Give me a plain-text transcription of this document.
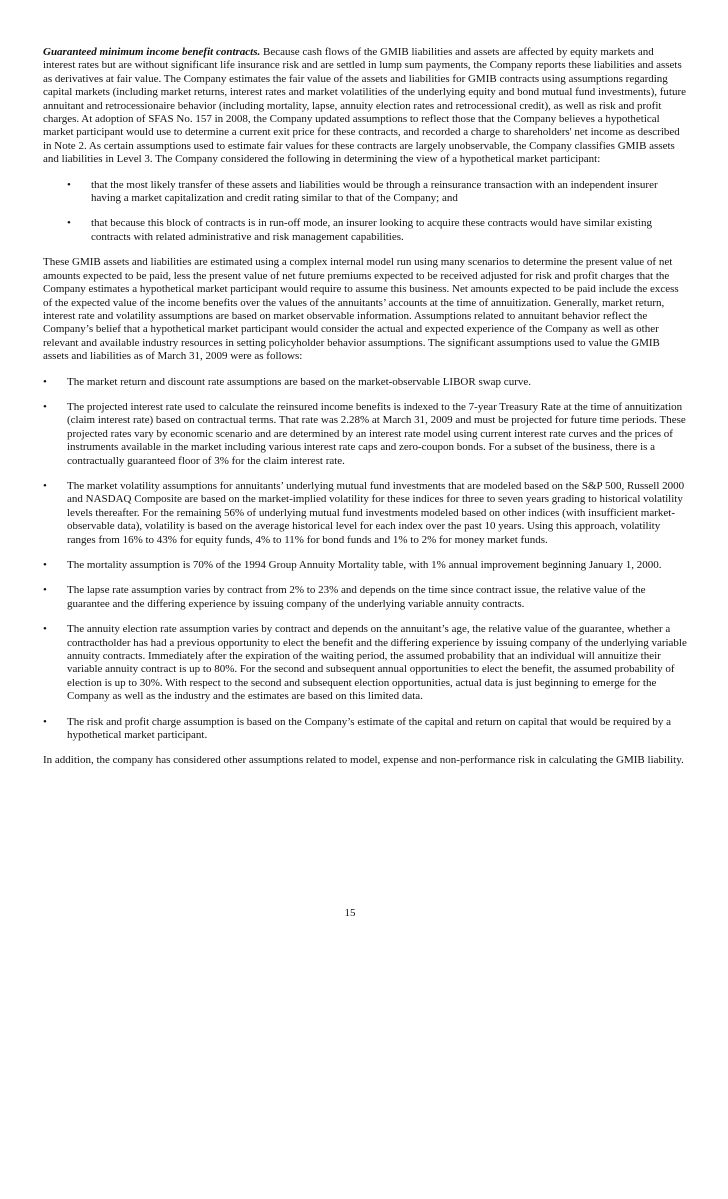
Guaranteed minimum income benefit contracts. Because cash flows of the GMIB liabilities and assets are affected by equity markets and interest rates but are without significant life insurance risk and are settled in lump sum payments, the Company reports these liabilities and assets as derivatives at fair value. The Company estimates the fair value of the assets and liabilities for GMIB contracts using assumptions regarding capital markets (including market returns, interest rates and market volatilities of the underlying equity and bond mutual fund investments), future annuitant and retrocessionaire behavior (including mortality, lapse, annuity election rates and retrocessional credit), as well as risk and profit charges. At adoption of SFAS No. 157 in 2008, the Company updated assumptions to reflect those that the Company believes a hypothetical market participant would use to determine a current exit price for these contracts, and recorded a charge to shareholders' net income as described in Note 2. As certain assumptions used to estimate fair values for these contracts are largely unobservable, the Company classifies GMIB assets and liabilities in Level 3. The Company considered the following in determining the view of a hypothetical market participant:

• that the most likely transfer of these assets and liabilities would be through a reinsurance transaction with an independent insurer having a market capitalization and credit rating similar to that of the Company; and
• that because this block of contracts is in run-off mode, an insurer looking to acquire these contracts would have similar existing contracts with related administrative and risk management capabilities.

These GMIB assets and liabilities are estimated using a complex internal model run using many scenarios to determine the present value of net amounts expected to be paid, less the present value of net future premiums expected to be received adjusted for risk and profit charges that the Company estimates a hypothetical market participant would require to assume this business. Net amounts expected to be paid include the excess of the expected value of the income benefits over the values of the annuitants’ accounts at the time of annuitization. Generally, market return, interest rate and volatility assumptions are based on market observable information. Assumptions related to annuitant behavior reflect the Company’s belief that a hypothetical market participant would consider the actual and expected experience of the Company as well as other relevant and available industry resources in setting policyholder behavior assumptions. The significant assumptions used to value the GMIB assets and liabilities as of March 31, 2009 were as follows:

• The market return and discount rate assumptions are based on the market-observable LIBOR swap curve.
• The projected interest rate used to calculate the reinsured income benefits is indexed to the 7-year Treasury Rate at the time of annuitization (claim interest rate) based on contractual terms. That rate was 2.28% at March 31, 2009 and must be projected for future time periods. These projected rates vary by economic scenario and are determined by an interest rate model using current interest rate curves and the prices of instruments available in the market including various interest rate caps and zero-coupon bonds. For a subset of the business, there is a contractually guaranteed floor of 3% for the claim interest rate.
• The market volatility assumptions for annuitants’ underlying mutual fund investments that are modeled based on the S&P 500, Russell 2000 and NASDAQ Composite are based on the market-implied volatility for these indices for three to seven years grading to historical volatility levels thereafter. For the remaining 56% of underlying mutual fund investments modeled based on other indices (with insufficient market-observable data), volatility is based on the average historical level for each index over the past 10 years. Using this approach, volatility ranges from 16% to 43% for equity funds, 4% to 11% for bond funds and 1% to 2% for money market funds.
• The mortality assumption is 70% of the 1994 Group Annuity Mortality table, with 1% annual improvement beginning January 1, 2000.
• The lapse rate assumption varies by contract from 2% to 23% and depends on the time since contract issue, the relative value of the guarantee and the differing experience by issuing company of the underlying variable annuity contracts.
• The annuity election rate assumption varies by contract and depends on the annuitant’s age, the relative value of the guarantee, whether a contractholder has had a previous opportunity to elect the benefit and the differing experience by issuing company of the underlying variable annuity contracts. Immediately after the expiration of the waiting period, the assumed probability that an individual will annuitize their variable annuity contract is up to 80%. For the second and subsequent annual opportunities to elect the benefit, the assumed probability of election is up to 30%. With respect to the second and subsequent election opportunities, actual data is just beginning to emerge for the Company as well as the industry and the estimates are based on this limited data.
• The risk and profit charge assumption is based on the Company’s estimate of the capital and return on capital that would be required by a hypothetical market participant.

In addition, the company has considered other assumptions related to model, expense and non-performance risk in calculating the GMIB liability.

15
